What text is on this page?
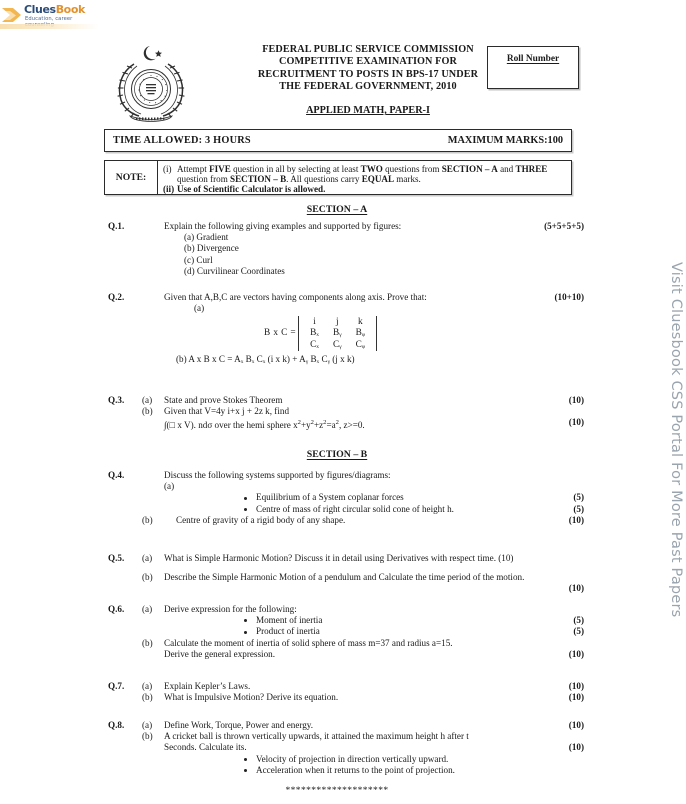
CluesBook
Education, career
Visit Cluesbook CSS Portal For More Past Papers
FEDERAL PUBLIC SERVICE COMMISSION
COMPETITIVE EXAMINATION FOR
RECRUITMENT TO POSTS IN BPS-17 UNDER
THE FEDERAL GOVERNMENT, 2010
APPLIED MATH, PAPER-I
Roll Number
TIME ALLOWED: 3 HOURS	MAXIMUM MARKS:100
NOTE:
(i) Attempt FIVE question in all by selecting at least TWO questions from SECTION – A and THREE question from SECTION – B. All questions carry EQUAL marks.
(ii) Use of Scientific Calculator is allowed.
SECTION – A
Q.1.	Explain the following giving examples and supported by figures:	(5+5+5+5)
(a) Gradient
(b) Divergence
(c) Curl
(d) Curvilinear Coordinates
Q.2.	Given that A,B,C are vectors having components along axis. Prove that:	(10+10)
(a)
B x C =
i	j	k
Bₓ	Bᵧ	Bᵩ
Cₓ	Cᵧ	Cᵩ
(b) A x B x C = Aₓ Bₓ Cₓ (i x k) + Aᵧ Bₓ Cᵧ (j x k)
Q.3.	(a)	State and prove Stokes Theorem	(10)
(b)	Given that V=4y i+x j + 2z k, find
∫(□ x V). ndσ over the hemi sphere $x^2+y^2+z^2=a^2$, z>=0.	(10)
SECTION – B
Q.4.	Discuss the following systems supported by figures/diagrams:
(a)
Equilibrium of a System coplanar forces	(5)
Centre of mass of right circular solid cone of height h.	(5)
(b)	Centre of gravity of a rigid body of any shape.	(10)
Q.5.	(a)	What is Simple Harmonic Motion? Discuss it in detail using Derivatives with respect time. (10)
(b)	Describe the Simple Harmonic Motion of a pendulum and Calculate the time period of the motion.
(10)
Q.6.	(a)	Derive expression for the following:
Moment of inertia	(5)
Product of inertia	(5)
(b)	Calculate the moment of inertia of solid sphere of mass m=37 and radius a=15.
Derive the general expression.	(10)
Q.7.	(a)	Explain Kepler’s Laws.	(10)
(b)	What is Impulsive Motion? Derive its equation.	(10)
Q.8.	(a)	Define Work, Torque, Power and energy.	(10)
(b)	A cricket ball is thrown vertically upwards, it attained the maximum height h after t
Seconds. Calculate its.	(10)
Velocity of projection in direction vertically upward.
Acceleration when it returns to the point of projection.
********************
